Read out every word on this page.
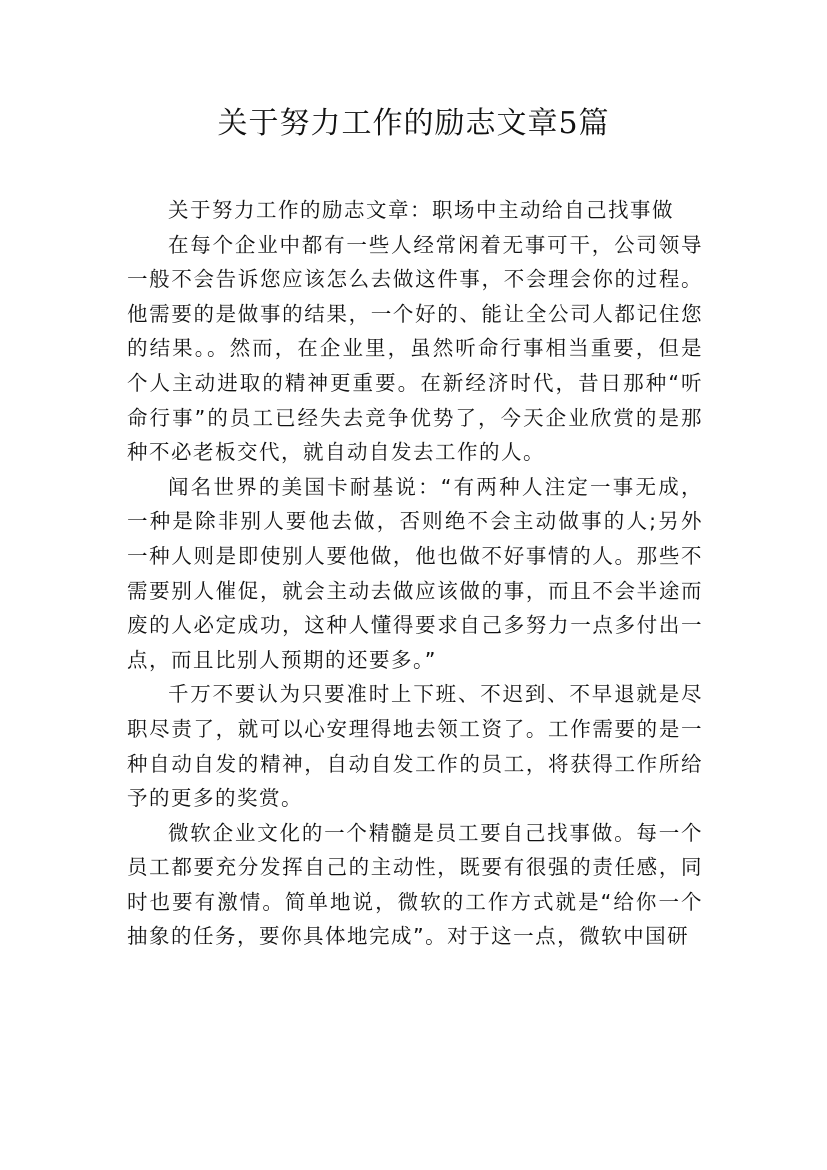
关于努力工作的励志文章5篇

关于努力工作的励志文章：职场中主动给自己找事做

在每个企业中都有一些人经常闲着无事可干，公司领导一般不会告诉您应该怎么去做这件事，不会理会你的过程。他需要的是做事的结果，一个好的、能让全公司人都记住您的结果。。然而，在企业里，虽然听命行事相当重要，但是个人主动进取的精神更重要。在新经济时代，昔日那种“听命行事”的员工已经失去竞争优势了，今天企业欣赏的是那种不必老板交代，就自动自发去工作的人。

闻名世界的美国卡耐基说：“有两种人注定一事无成，一种是除非别人要他去做，否则绝不会主动做事的人;另外一种人则是即使别人要他做，他也做不好事情的人。那些不需要别人催促，就会主动去做应该做的事，而且不会半途而废的人必定成功，这种人懂得要求自己多努力一点多付出一点，而且比别人预期的还要多。”

千万不要认为只要准时上下班、不迟到、不早退就是尽职尽责了，就可以心安理得地去领工资了。工作需要的是一种自动自发的精神，自动自发工作的员工，将获得工作所给予的更多的奖赏。

微软企业文化的一个精髓是员工要自己找事做。每一个员工都要充分发挥自己的主动性，既要有很强的责任感，同时也要有激情。简单地说，微软的工作方式就是“给你一个抽象的任务，要你具体地完成”。对于这一点，微软中国研
